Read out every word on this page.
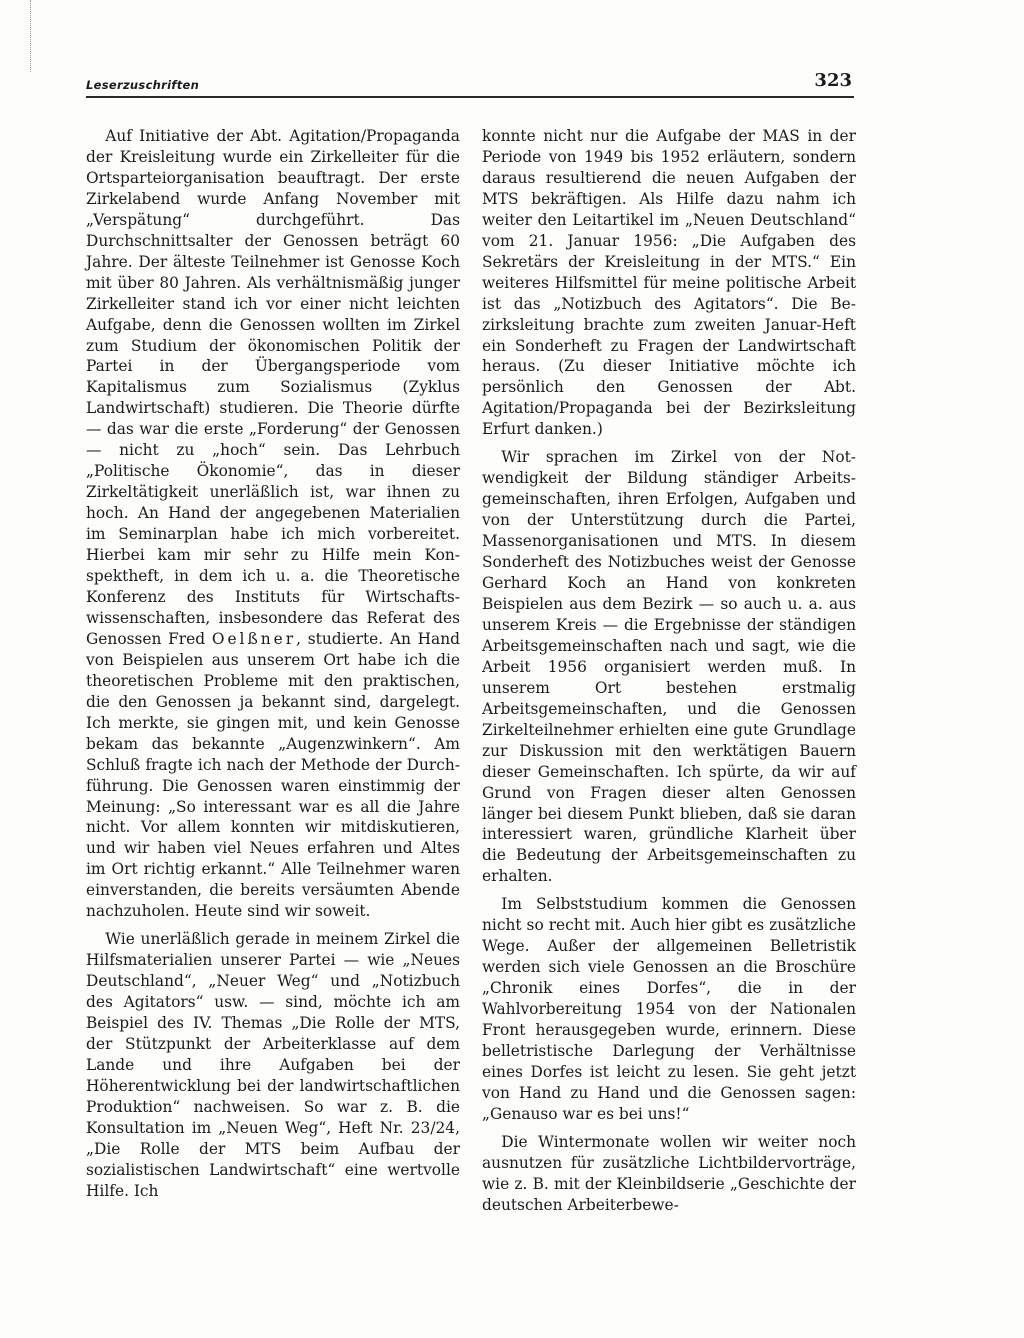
Leserzuschriften	323

Auf Initiative der Abt. Agitation/Propaganda der Kreisleitung wurde ein Zirkelleiter für die Ortsparteiorganisation beauftragt. Der erste Zirkelabend wurde Anfang November mit „Verspätung“ durchgeführt. Das Durchschnittsalter der Genossen beträgt 60 Jahre. Der älteste Teilnehmer ist Genosse Koch mit über 80 Jahren. Als verhältnismäßig junger Zirkelleiter stand ich vor einer nicht leichten Aufgabe, denn die Genossen wollten im Zirkel zum Studium der ökonomischen Politik der Partei in der Übergangsperiode vom Kapitalismus zum Sozialismus (Zyklus Landwirtschaft) studieren. Die Theorie dürfte — das war die erste „Forderung“ der Genossen — nicht zu „hoch“ sein. Das Lehrbuch „Politische Ökonomie“, das in dieser Zirkeltätigkeit unerläßlich ist, war ihnen zu hoch. An Hand der angegebenen Materialien im Seminarplan habe ich mich vorbereitet. Hierbei kam mir sehr zu Hilfe mein Konspektheft, in dem ich u. a. die Theoretische Konferenz des Instituts für Wirtschaftswissenschaften, insbesondere das Referat des Genossen Fred Oelßner, studierte. An Hand von Beispielen aus unserem Ort habe ich die theoretischen Probleme mit den praktischen, die den Genossen ja bekannt sind, dargelegt. Ich merkte, sie gingen mit, und kein Genosse bekam das bekannte „Augenzwinkern“. Am Schluß fragte ich nach der Methode der Durchführung. Die Genossen waren einstimmig der Meinung: „So interessant war es all die Jahre nicht. Vor allem konnten wir mitdiskutieren, und wir haben viel Neues erfahren und Altes im Ort richtig erkannt.“ Alle Teilnehmer waren einverstanden, die bereits versäumten Abende nachzuholen. Heute sind wir soweit.

Wie unerläßlich gerade in meinem Zirkel die Hilfsmaterialien unserer Partei — wie „Neues Deutschland“, „Neuer Weg“ und „Notizbuch des Agitators“ usw. — sind, möchte ich am Beispiel des IV. Themas „Die Rolle der MTS, der Stützpunkt der Arbeiterklasse auf dem Lande und ihre Aufgaben bei der Höherentwicklung bei der landwirtschaftlichen Produktion“ nachweisen. So war z. B. die Konsultation im „Neuen Weg“, Heft Nr. 23/24, „Die Rolle der MTS beim Aufbau der sozialistischen Landwirtschaft“ eine wertvolle Hilfe. Ich

konnte nicht nur die Aufgabe der MAS in der Periode von 1949 bis 1952 erläutern, sondern daraus resultierend die neuen Aufgaben der MTS bekräftigen. Als Hilfe dazu nahm ich weiter den Leitartikel im „Neuen Deutschland“ vom 21. Januar 1956: „Die Aufgaben des Sekretärs der Kreisleitung in der MTS.“ Ein weiteres Hilfsmittel für meine politische Arbeit ist das „Notizbuch des Agitators“. Die Bezirksleitung brachte zum zweiten Januar-Heft ein Sonderheft zu Fragen der Landwirtschaft heraus. (Zu dieser Initiative möchte ich persönlich den Genossen der Abt. Agitation/Propaganda bei der Bezirksleitung Erfurt danken.)

Wir sprachen im Zirkel von der Notwendigkeit der Bildung ständiger Arbeitsgemeinschaften, ihren Erfolgen, Aufgaben und von der Unterstützung durch die Partei, Massenorganisationen und MTS. In diesem Sonderheft des Notizbuches weist der Genosse Gerhard Koch an Hand von konkreten Beispielen aus dem Bezirk — so auch u. a. aus unserem Kreis — die Ergebnisse der ständigen Arbeitsgemeinschaften nach und sagt, wie die Arbeit 1956 organisiert werden muß. In unserem Ort bestehen erstmalig Arbeitsgemeinschaften, und die Genossen Zirkelteilnehmer erhielten eine gute Grundlage zur Diskussion mit den werktätigen Bauern dieser Gemeinschaften. Ich spürte, da wir auf Grund von Fragen dieser alten Genossen länger bei diesem Punkt blieben, daß sie daran interessiert waren, gründliche Klarheit über die Bedeutung der Arbeitsgemeinschaften zu erhalten.

Im Selbststudium kommen die Genossen nicht so recht mit. Auch hier gibt es zusätzliche Wege. Außer der allgemeinen Belletristik werden sich viele Genossen an die Broschüre „Chronik eines Dorfes“, die in der Wahlvorbereitung 1954 von der Nationalen Front herausgegeben wurde, erinnern. Diese belletristische Darlegung der Verhältnisse eines Dorfes ist leicht zu lesen. Sie geht jetzt von Hand zu Hand und die Genossen sagen: „Genauso war es bei uns!“

Die Wintermonate wollen wir weiter noch ausnutzen für zusätzliche Lichtbildervorträge, wie z. B. mit der Kleinbildserie „Geschichte der deutschen Arbeiterbewe-
